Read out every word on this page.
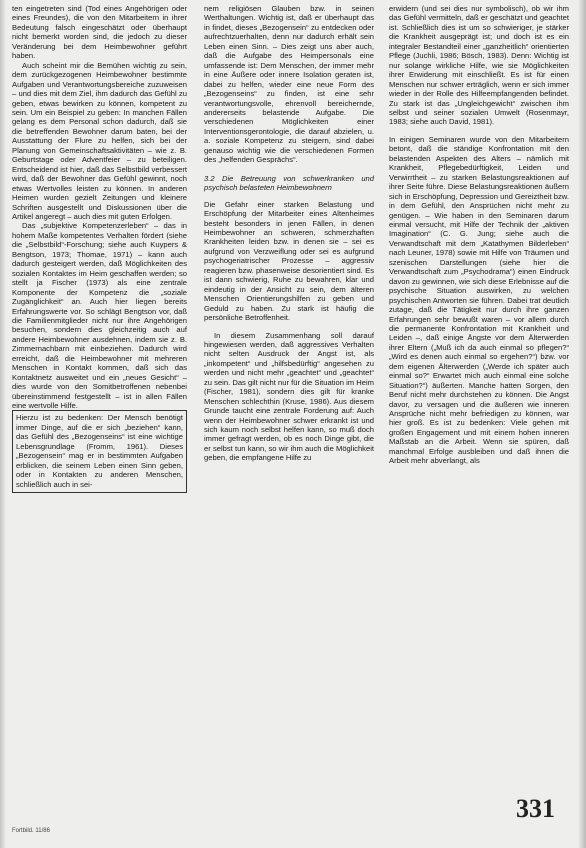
ten eingetreten sind (Tod eines Angehörigen oder eines Freundes), die von den Mitarbeitern in ihrer Bedeutung falsch eingeschätzt oder überhaupt nicht bemerkt worden sind, die jedoch zu dieser Veränderung bei dem Heimbewohner geführt haben.

Auch scheint mir die Bemühen wichtig zu sein, dem zurückgezogenen Heimbewohner bestimmte Aufgaben und Verantwortungsbereiche zuzuweisen – und dies mit dem Ziel, ihm dadurch das Gefühl zu geben, etwas bewirken zu können, kompetent zu sein. Um ein Beispiel zu geben: In manchen Fällen gelang es dem Personal schon dadurch, daß sie die betreffenden Bewohner darum baten, bei der Ausstattung der Flure zu helfen, sich bei der Planung von Gemeinschaftsaktivitäten – wie z. B. Geburtstage oder Adventfeier – zu beteiligen. Entscheidend ist hier, daß das Selbstbild verbessert wird, daß der Bewohner das Gefühl gewinnt, noch etwas Wertvolles leisten zu können. In anderen Heimen wurden gezielt Zeitungen und kleinere Schriften ausgestellt und Diskussionen über die Artikel angeregt – auch dies mit guten Erfolgen.

Das „subjektive Kompetenzerleben“ – das in hohem Maße kompetentes Verhalten fördert (siehe die „Selbstbild“-Forschung; siehe auch Kuypers & Bengtson, 1973; Thomae, 1971) – kann auch dadurch gesteigert werden, daß Möglichkeiten des sozialen Kontaktes im Heim geschaffen werden; so stellt ja Fischer (1973) als eine zentrale Komponente der Kompetenz die „soziale Zugänglichkeit“ an. Auch hier liegen bereits Erfahrungswerte vor. So schlägt Bengtson vor, daß die Familienmitglieder nicht nur ihre Angehörigen besuchen, sondern dies gleichzeitig auch auf andere Heimbewohner ausdehnen, indem sie z. B. Zimmernachbarn mit einbeziehen. Dadurch wird erreicht, daß die Heimbewohner mit mehreren Menschen in Kontakt kommen, daß sich das Kontaktnetz ausweitet und ein „neues Gesicht“ – dies wurde von den Somitbetroffenen nebenbei übereinstimmend festgestellt – ist in allen Fällen eine wertvolle Hilfe.

Hierzu ist zu bedenken: Der Mensch benötigt immer Dinge, auf die er sich „beziehen“ kann, das Gefühl des „Bezogenseins“ ist eine wichtige Lebensgrundlage (Fromm, 1961). Dieses „Bezogensein“ mag er in bestimmten Aufgaben erblicken, die seinem Leben einen Sinn geben, oder in Kontakten zu anderen Menschen, schließlich auch in sei-

nem religiösen Glauben bzw. in seinen Werthaltungen. Wichtig ist, daß er überhaupt das in findet, dieses „Bezogensein“ zu entdecken oder aufrechtzuerhalten, denn nur dadurch erhält sein Leben einen Sinn. – Dies zeigt uns aber auch, daß die Aufgabe des Heimpersonals eine umfassende ist: Dem Menschen, der immer mehr in eine Äußere oder innere Isolation geraten ist, dabei zu helfen, wieder eine neue Form des „Bezogenseins“ zu finden, ist eine sehr verantwortungsvolle, ehrenvoll bereichernde, andererseits belastende Aufgabe. Die verschiedenen Möglichkeiten einer Interventionsgerontologie, die darauf abzielen, u. a. soziale Kompetenz zu steigern, sind dabei genauso wichtig wie die verschiedenen Formen des „helfenden Gesprächs“.

3.2 Die Betreuung von schwerkranken und psychisch belasteten Heimbewohnern

Die Gefahr einer starken Belastung und Erschöpfung der Mitarbeiter eines Altenheimes besteht besonders in jenen Fällen, in denen Heimbewohner an schweren, schmerzhaften Krankheiten leiden bzw. in denen sie – sei es aufgrund von Verzweiflung oder sei es aufgrund psychogeriatrischer Prozesse – aggressiv reagieren bzw. phasenweise desorientiert sind. Es ist dann schwierig, Ruhe zu bewahren, klar und eindeutig in der Ansicht zu sein, dem älteren Menschen Orientierungshilfen zu geben und Geduld zu haben. Zu stark ist häufig die persönliche Betroffenheit.

In diesem Zusammenhang soll darauf hingewiesen werden, daß aggressives Verhalten nicht selten Ausdruck der Angst ist, als „inkompetent“ und „hilfsbedürftig“ angesehen zu werden und nicht mehr „geachtet“ und „geachtet“ zu sein. Das gilt nicht nur für die Situation im Heim (Fischer, 1981), sondern dies gilt für kranke Menschen schlechthin (Kruse, 1986). Aus diesem Grunde taucht eine zentrale Forderung auf: Auch wenn der Heimbewohner schwer erkrankt ist und sich kaum noch selbst helfen kann, so muß doch immer gefragt werden, ob es noch Dinge gibt, die er selbst tun kann, so wir ihm auch die Möglichkeit geben, die empfangene Hilfe zu

erwidern (und sei dies nur symbolisch), ob wir ihm das Gefühl vermitteln, daß er geschätzt und geachtet ist. Schließlich dies ist um so schwieriger, je stärker die Krankheit ausgeprägt ist; und doch ist es ein integraler Bestandteil einer „ganzheitlich“ orientierten Pflege (Juchli, 1986; Bösch, 1983). Denn: Wichtig ist nur solange wirkliche Hilfe, wie sie Möglichkeiten ihrer Erwiderung mit einschließt. Es ist für einen Menschen nur schwer erträglich, wenn er sich immer wieder in der Rolle des Hilfeempfangenden befindet. Zu stark ist das „Ungleichgewicht“ zwischen ihm selbst und seiner sozialen Umwelt (Rosenmayr, 1983; siehe auch David, 1981).

In einigen Seminaren wurde von den Mitarbeitern betont, daß die ständige Konfrontation mit den belastenden Aspekten des Alters – nämlich mit Krankheit, Pflegebedürftigkeit, Leiden und Verwirrtheit – zu starken Belastungsreaktionen auf ihrer Seite führe. Diese Belastungsreaktionen äußern sich in Erschöpfung, Depression und Gereiztheit bzw. in dem Gefühl, den Ansprüchen nicht mehr zu genügen. – Wie haben in den Seminaren darum einmal versucht, mit Hilfe der Technik der „aktiven Imagination“ (C. G. Jung; siehe auch die Verwandtschaft mit dem „Katathymen Bilderleben“ nach Leuner, 1978) sowie mit Hilfe von Träumen und szenischen Darstellungen (siehe hier die Verwandtschaft zum „Psychodrama“) einen Eindruck davon zu gewinnen, wie sich diese Erlebnisse auf die psychische Situation auswirken, zu welchen psychischen Antworten sie führen. Dabei trat deutlich zutage, daß die Tätigkeit nur durch ihre ganzen Erfahrungen sehr bewußt waren – vor allem durch die permanente Konfrontation mit Krankheit und Leiden –, daß einige Ängste vor dem Älterwerden ihrer Eltern („Muß ich da auch einmal so pflegen?“ „Wird es denen auch einmal so ergehen?“) bzw. vor dem eigenen Älterwerden („Werde ich später auch einmal so?“ Erwartet mich auch einmal eine solche Situation?“) äußerten. Manche hatten Sorgen, den Beruf nicht mehr durchstehen zu können. Die Angst davor, zu versagen und die äußeren wie inneren Ansprüche nicht mehr befriedigen zu können, war hier groß. Es ist zu bedenken: Viele gehen mit großen Engagement und mit einem hohen inneren Maßstab an die Arbeit. Wenn sie spüren, daß manchmal Erfolge ausbleiben und daß ihnen die Arbeit mehr abverlangt, als

Fortbild. 11/86
331
